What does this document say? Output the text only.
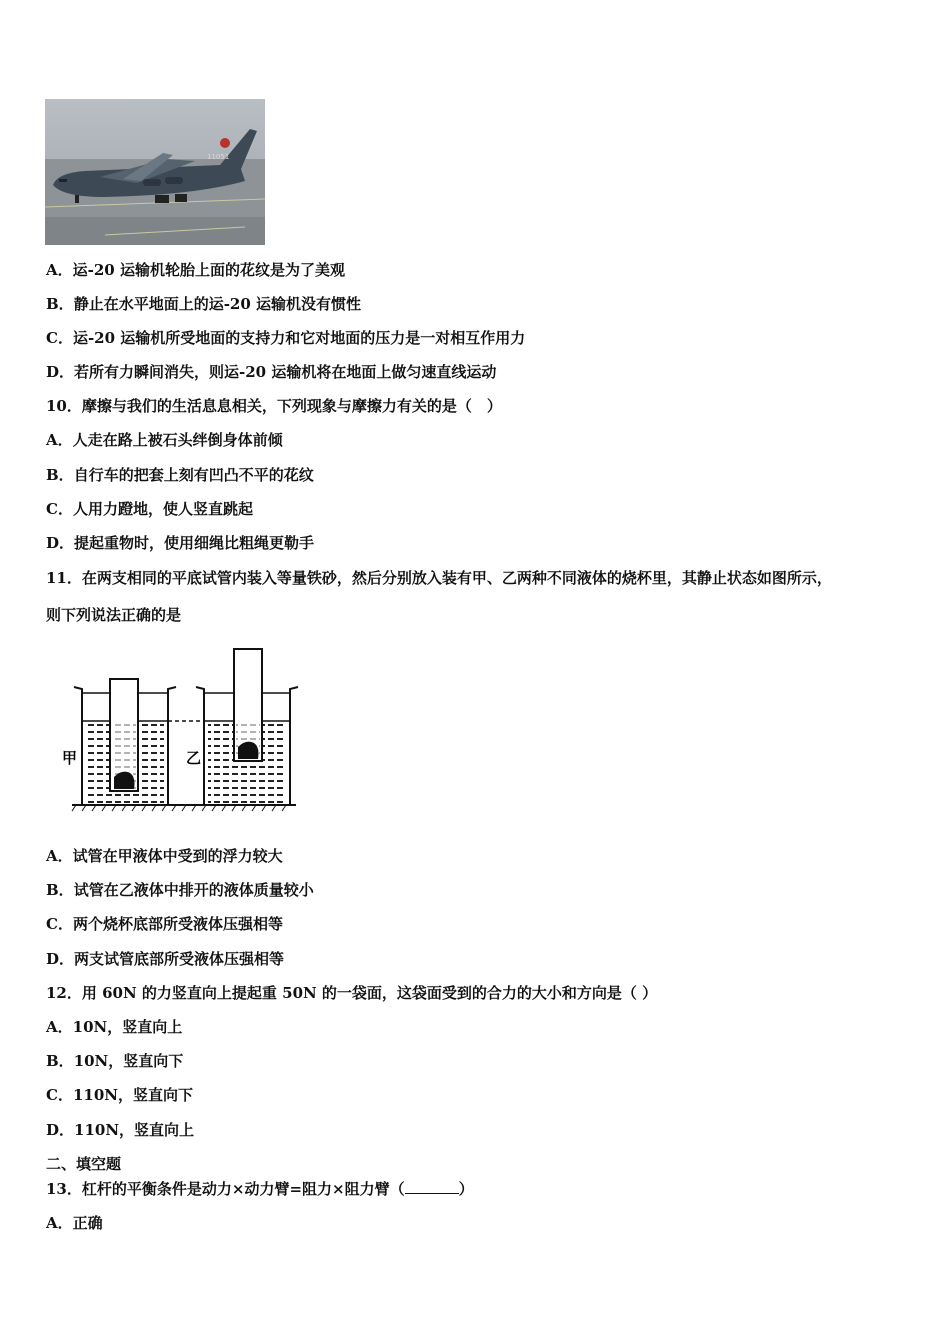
11051
A．运-20 运输机轮胎上面的花纹是为了美观
B．静止在水平地面上的运-20 运输机没有惯性
C．运-20 运输机所受地面的支持力和它对地面的压力是一对相互作用力
D．若所有力瞬间消失，则运-20 运输机将在地面上做匀速直线运动
10．摩擦与我们的生活息息相关，下列现象与摩擦力有关的是（　）
A．人走在路上被石头绊倒身体前倾
B．自行车的把套上刻有凹凸不平的花纹
C．人用力蹬地，使人竖直跳起
D．提起重物时，使用细绳比粗绳更勒手
11．在两支相同的平底试管内装入等量铁砂，然后分别放入装有甲、乙两种不同液体的烧杯里，其静止状态如图所示，
则下列说法正确的是
甲	乙
A．试管在甲液体中受到的浮力较大
B．试管在乙液体中排开的液体质量较小
C．两个烧杯底部所受液体压强相等
D．两支试管底部所受液体压强相等
12．用 60N 的力竖直向上提起重 50N 的一袋面，这袋面受到的合力的大小和方向是（ ）
A．10N，竖直向上
B．10N，竖直向下
C．110N，竖直向下
D．110N，竖直向上
二、填空题
13．杠杆的平衡条件是动力×动力臂=阻力×阻力臂（	）
A．正确
